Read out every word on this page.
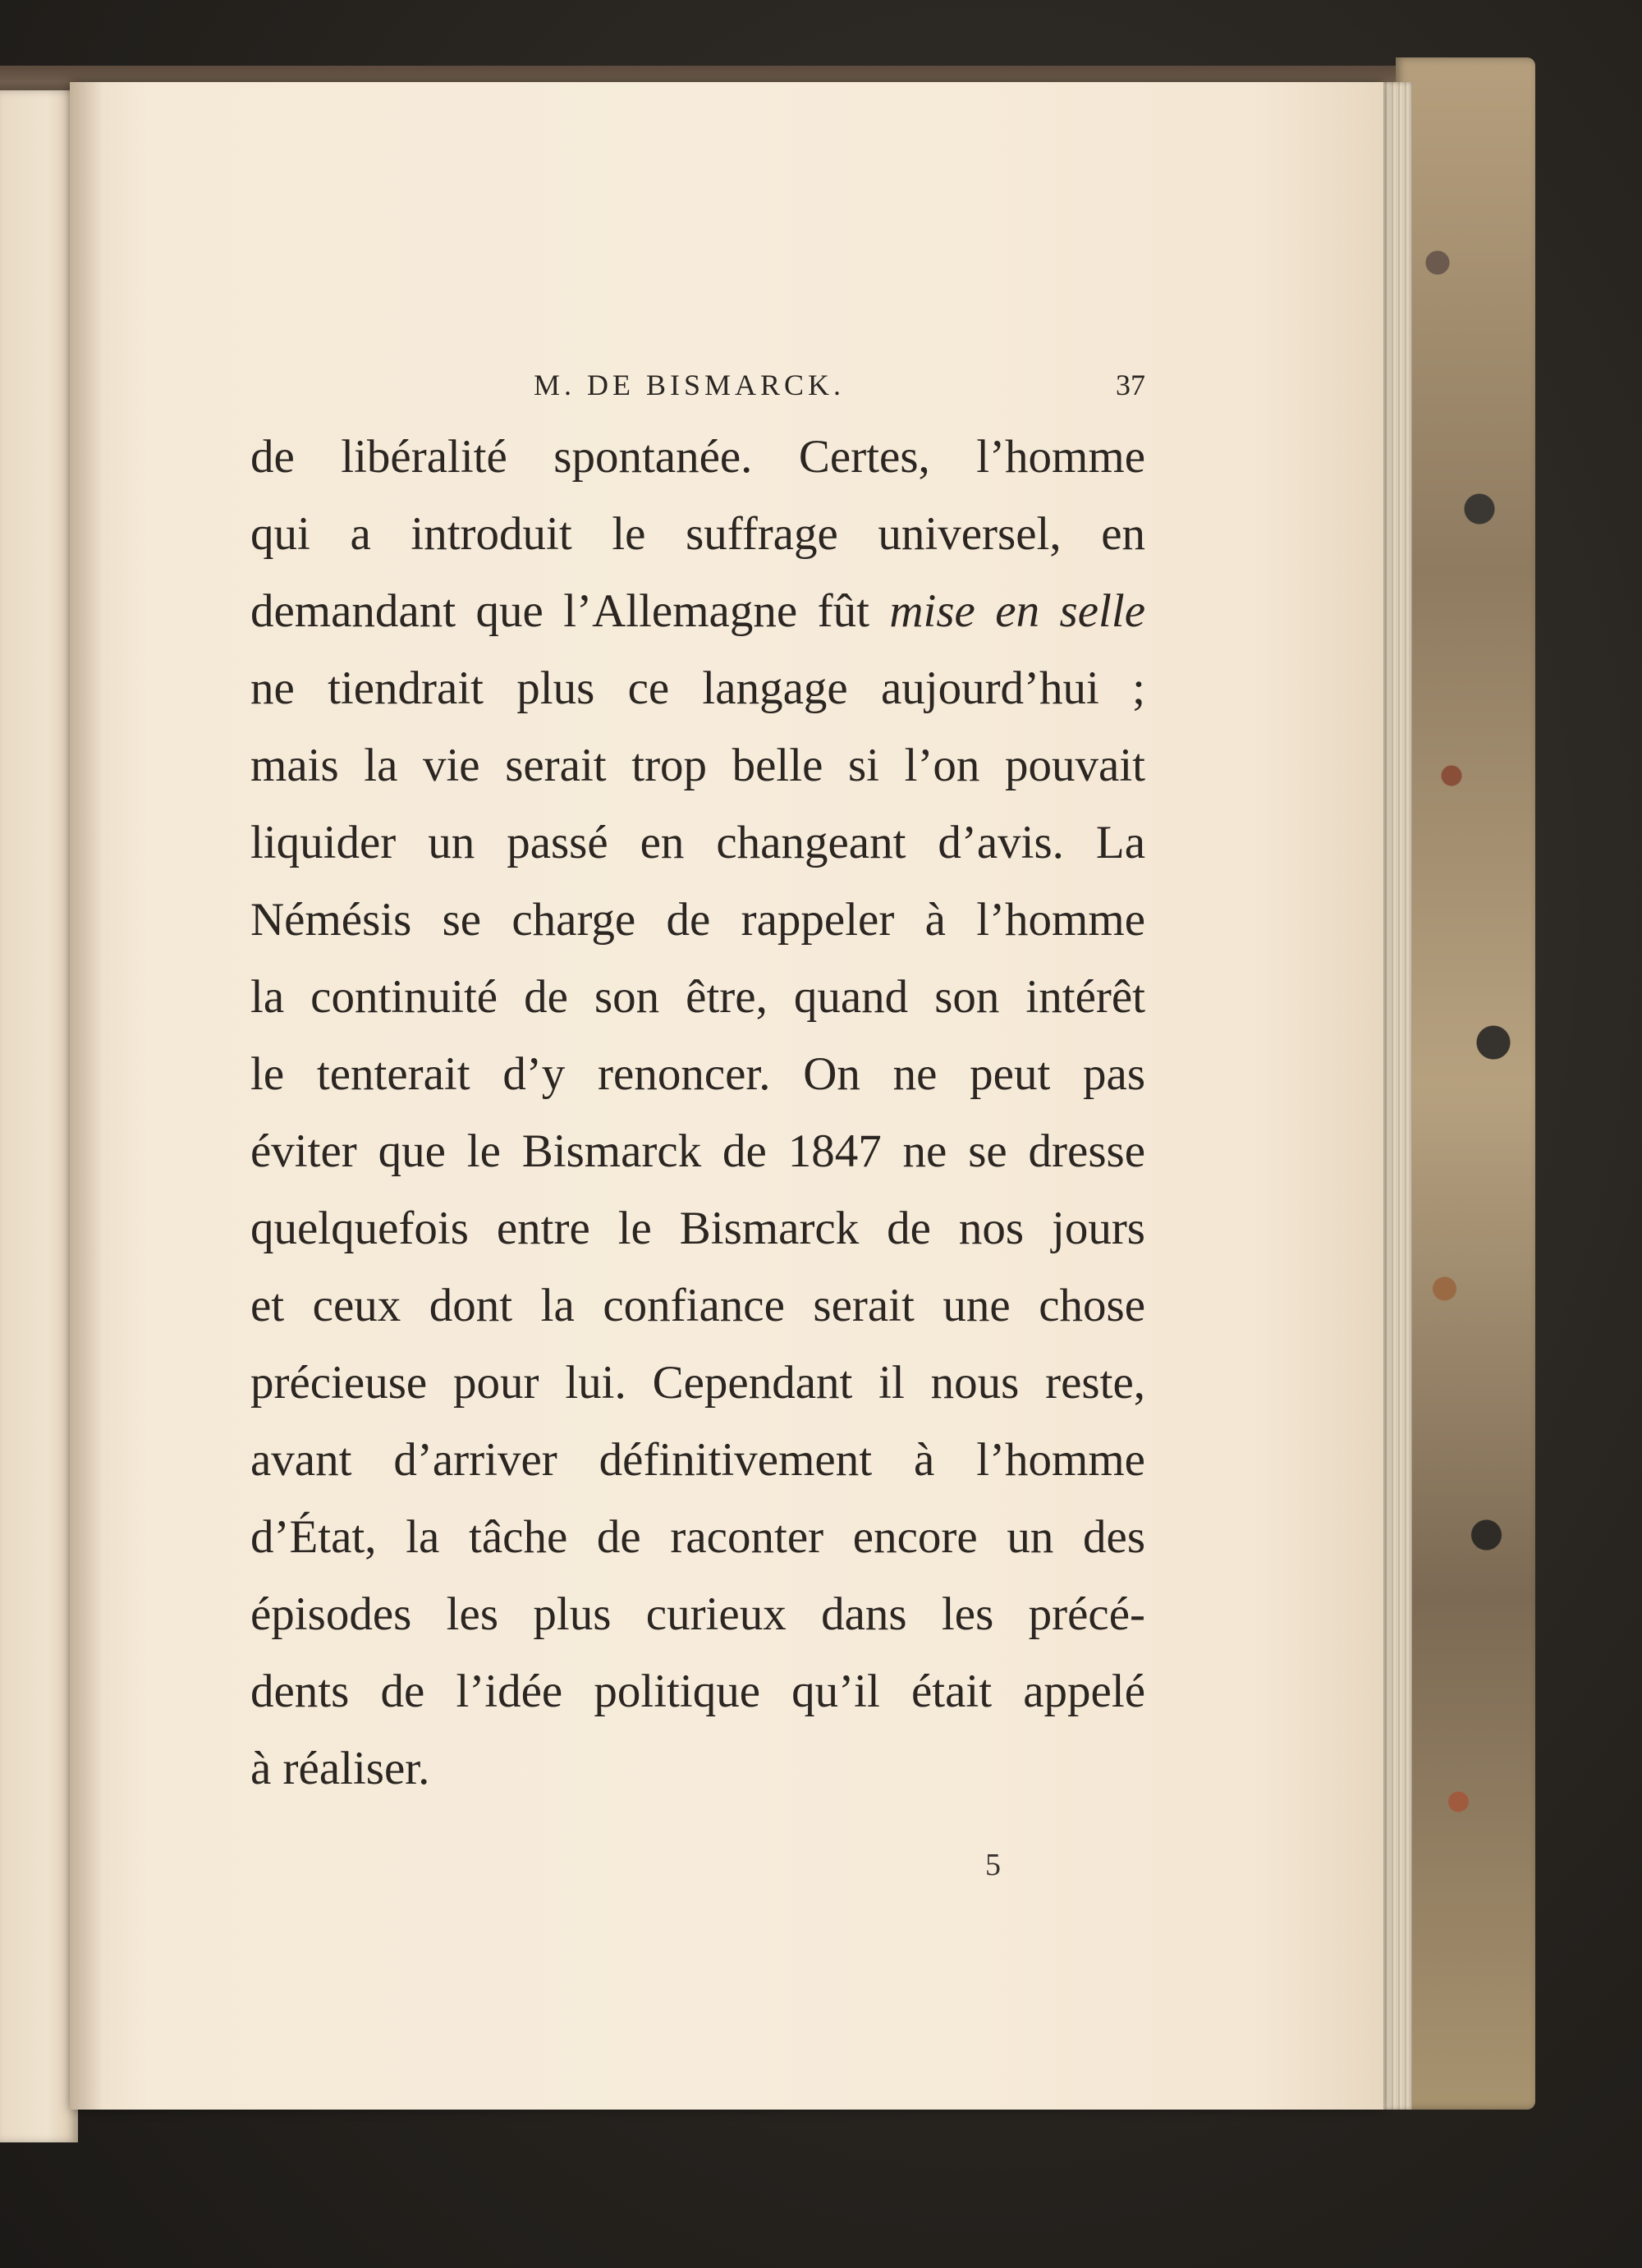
M. DE BISMARCK.	37
de libéralité spontanée. Certes, l’homme
qui a introduit le suffrage universel, en
demandant que l’Allemagne fût mise en selle
ne tiendrait plus ce langage aujourd’hui ;
mais la vie serait trop belle si l’on pouvait
liquider un passé en changeant d’avis. La
Némésis se charge de rappeler à l’homme
la continuité de son être, quand son intérêt
le tenterait d’y renoncer. On ne peut pas
éviter que le Bismarck de 1847 ne se dresse
quelquefois entre le Bismarck de nos jours
et ceux dont la confiance serait une chose
précieuse pour lui. Cependant il nous reste,
avant d’arriver définitivement à l’homme
d’État, la tâche de raconter encore un des
épisodes les plus curieux dans les précé-
dents de l’idée politique qu’il était appelé
à réaliser.
5
